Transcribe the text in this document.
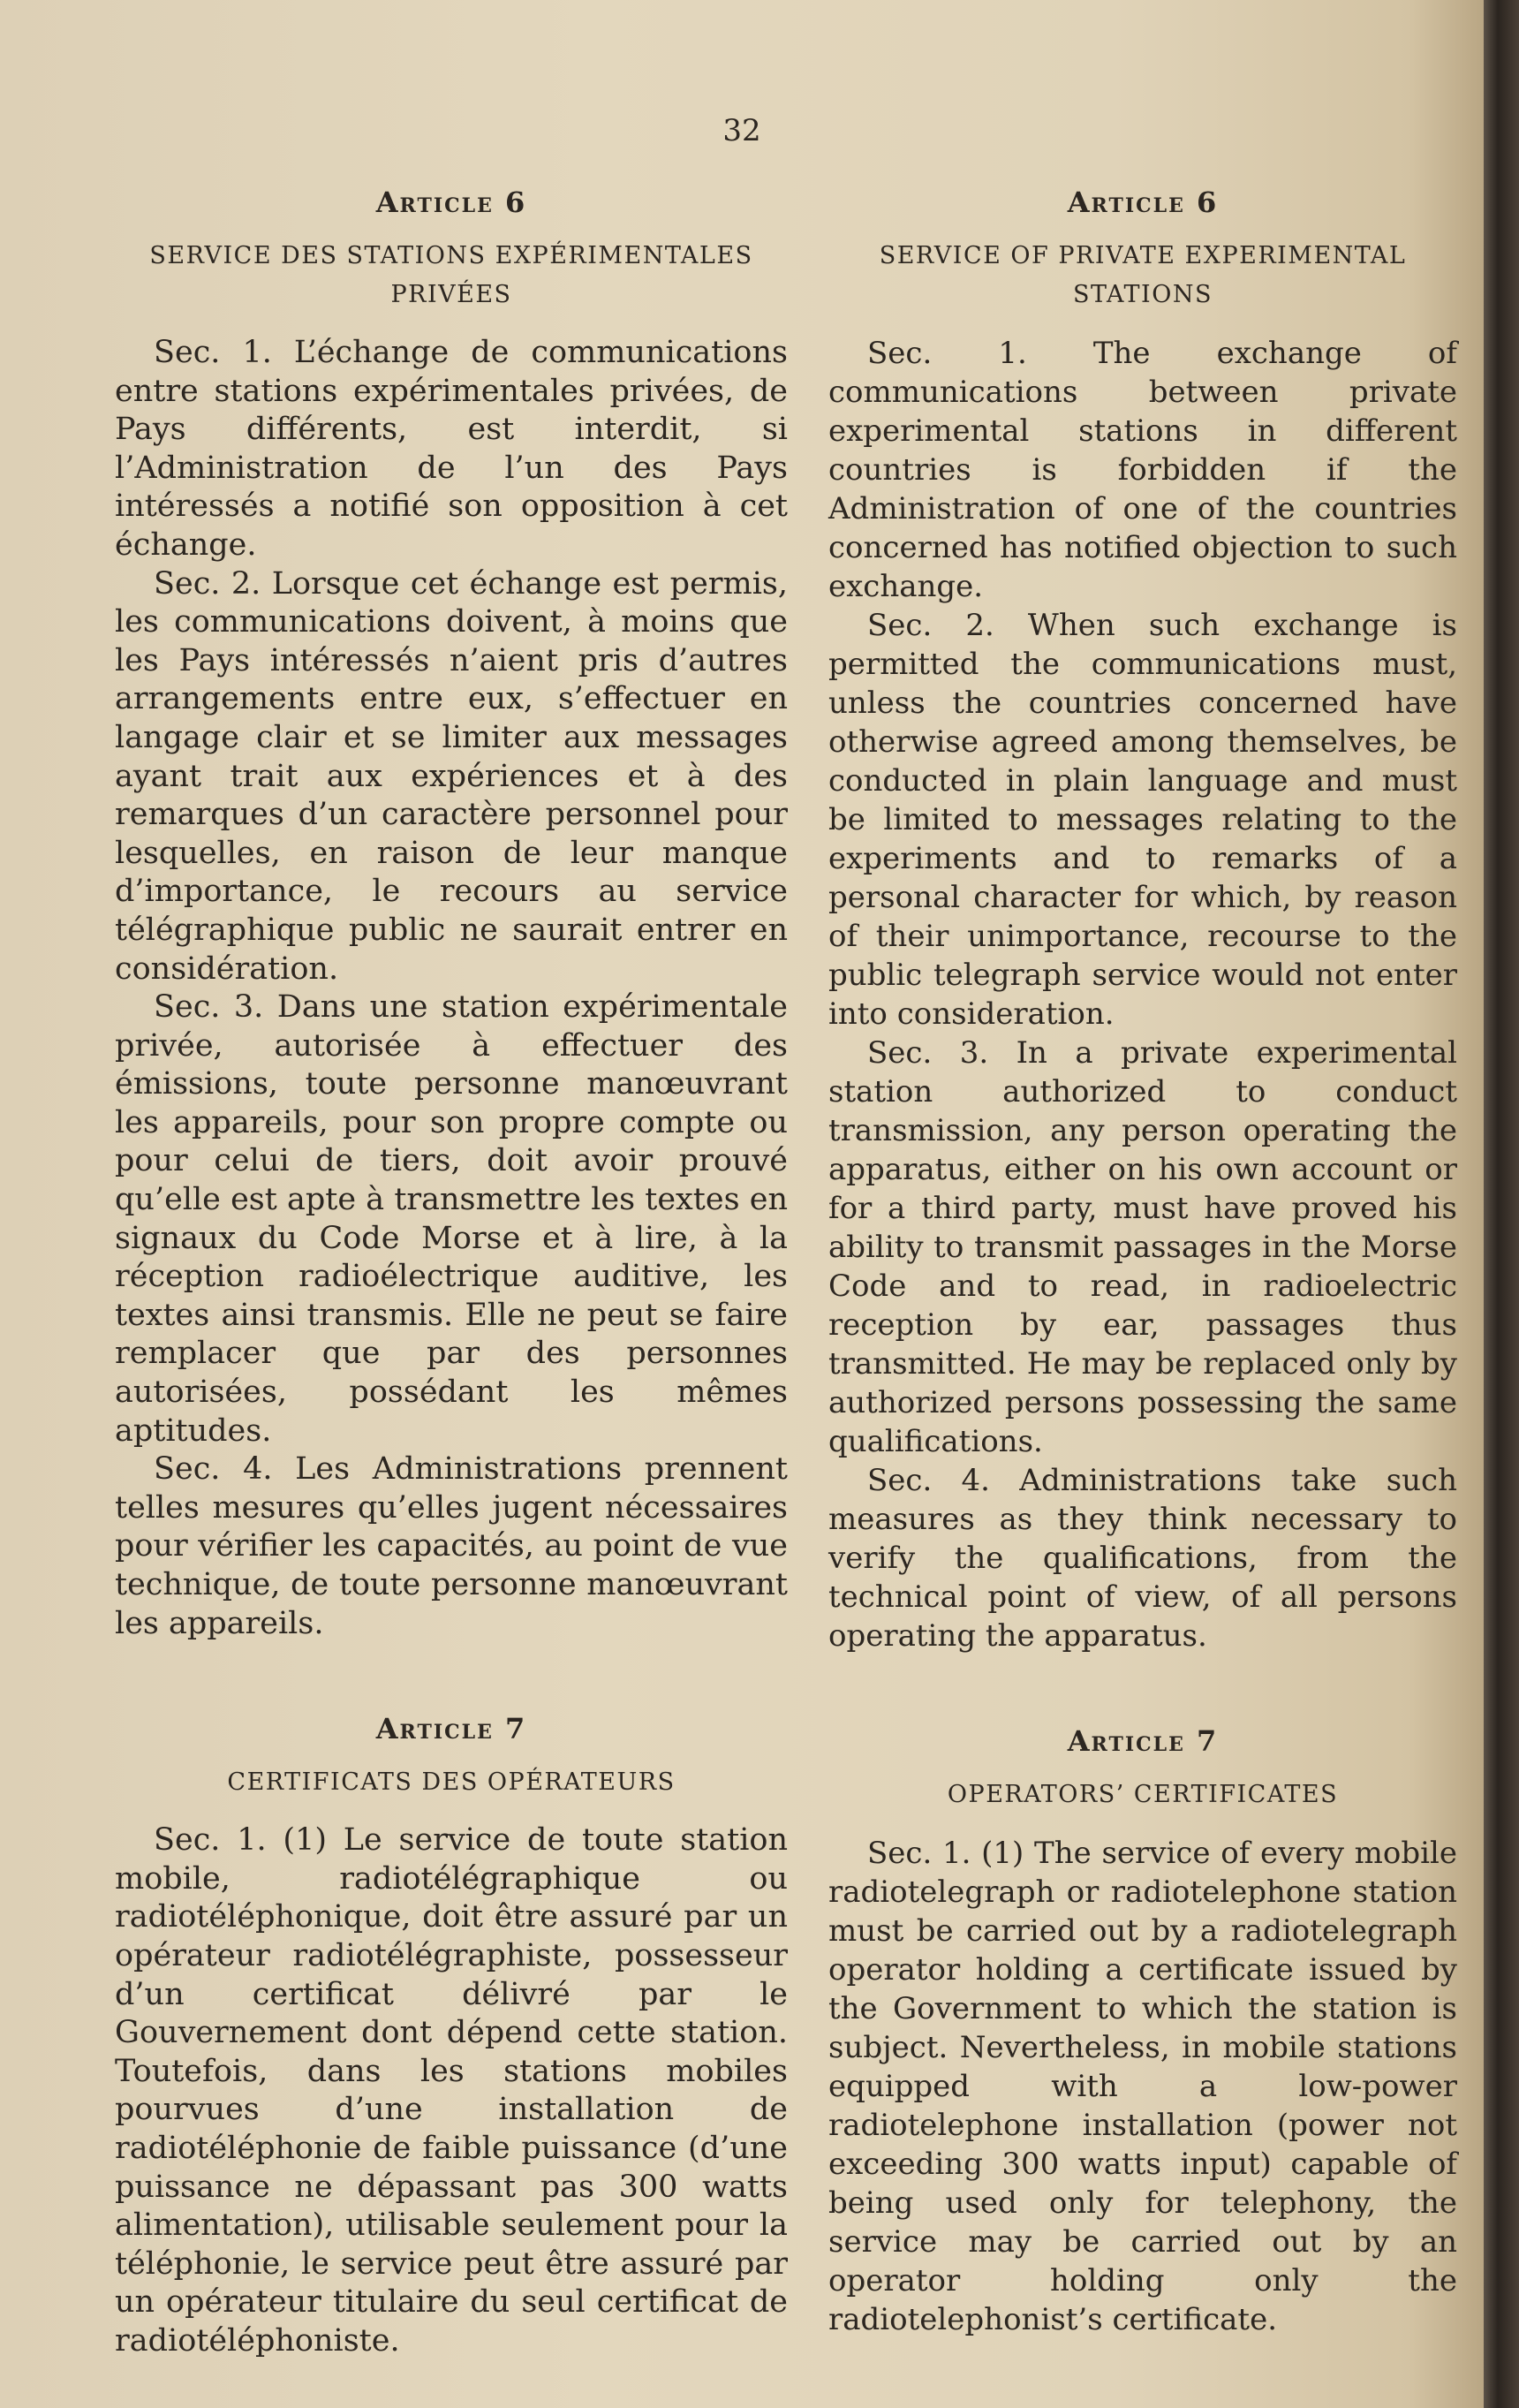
32
Article 6
SERVICE DES STATIONS EXPÉRIMENTALES PRIVÉES

Sec. 1. L’échange de communications entre stations expérimentales privées, de Pays différents, est interdit, si l’Administration de l’un des Pays intéressés a notifié son opposition à cet échange.

Sec. 2. Lorsque cet échange est permis, les communications doivent, à moins que les Pays intéressés n’aient pris d’autres arrangements entre eux, s’effectuer en langage clair et se limiter aux messages ayant trait aux expériences et à des remarques d’un caractère personnel pour lesquelles, en raison de leur manque d’importance, le recours au service télégraphique public ne saurait entrer en considération.

Sec. 3. Dans une station expérimentale privée, autorisée à effectuer des émissions, toute personne manœuvrant les appareils, pour son propre compte ou pour celui de tiers, doit avoir prouvé qu’elle est apte à transmettre les textes en signaux du Code Morse et à lire, à la réception radioélectrique auditive, les textes ainsi transmis. Elle ne peut se faire remplacer que par des personnes autorisées, possédant les mêmes aptitudes.

Sec. 4. Les Administrations prennent telles mesures qu’elles jugent nécessaires pour vérifier les capacités, au point de vue technique, de toute personne manœuvrant les appareils.

Article 7
CERTIFICATS DES OPÉRATEURS

Sec. 1. (1) Le service de toute station mobile, radiotélégraphique ou radiotéléphonique, doit être assuré par un opérateur radiotélégraphiste, possesseur d’un certificat délivré par le Gouvernement dont dépend cette station. Toutefois, dans les stations mobiles pourvues d’une installation de radiotéléphonie de faible puissance (d’une puissance ne dépassant pas 300 watts alimentation), utilisable seulement pour la téléphonie, le service peut être assuré par un opérateur titulaire du seul certificat de radiotéléphoniste.

Article 6
SERVICE OF PRIVATE EXPERIMENTAL STATIONS

Sec. 1. The exchange of communications between private experimental stations in different countries is forbidden if the Administration of one of the countries concerned has notified objection to such exchange.

Sec. 2. When such exchange is permitted the communications must, unless the countries concerned have otherwise agreed among themselves, be conducted in plain language and must be limited to messages relating to the experiments and to remarks of a personal character for which, by reason of their unimportance, recourse to the public telegraph service would not enter into consideration.

Sec. 3. In a private experimental station authorized to conduct transmission, any person operating the apparatus, either on his own account or for a third party, must have proved his ability to transmit passages in the Morse Code and to read, in radioelectric reception by ear, passages thus transmitted. He may be replaced only by authorized persons possessing the same qualifications.

Sec. 4. Administrations take such measures as they think necessary to verify the qualifications, from the technical point of view, of all persons operating the apparatus.

Article 7
OPERATORS’ CERTIFICATES

Sec. 1. (1) The service of every mobile radiotelegraph or radiotelephone station must be carried out by a radiotelegraph operator holding a certificate issued by the Government to which the station is subject. Nevertheless, in mobile stations equipped with a low-power radiotelephone installation (power not exceeding 300 watts input) capable of being used only for telephony, the service may be carried out by an operator holding only the radiotelephonist’s certificate.
